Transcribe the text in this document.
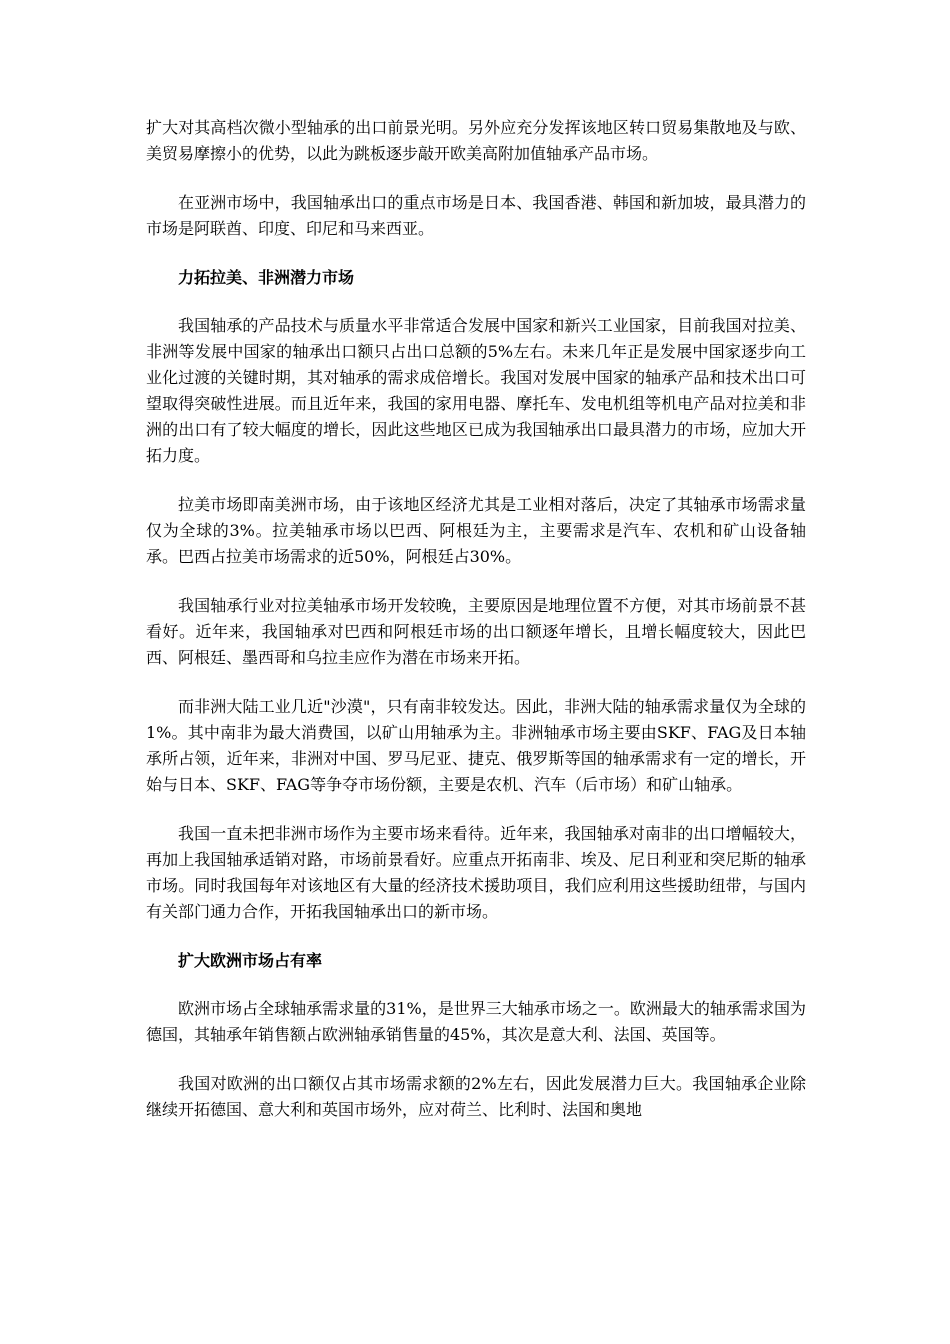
扩大对其高档次微小型轴承的出口前景光明。另外应充分发挥该地区转口贸易集散地及与欧、美贸易摩擦小的优势，以此为跳板逐步敲开欧美高附加值轴承产品市场。

在亚洲市场中，我国轴承出口的重点市场是日本、我国香港、韩国和新加坡，最具潜力的市场是阿联酋、印度、印尼和马来西亚。

力拓拉美、非洲潜力市场

我国轴承的产品技术与质量水平非常适合发展中国家和新兴工业国家，目前我国对拉美、非洲等发展中国家的轴承出口额只占出口总额的5%左右。未来几年正是发展中国家逐步向工业化过渡的关键时期，其对轴承的需求成倍增长。我国对发展中国家的轴承产品和技术出口可望取得突破性进展。而且近年来，我国的家用电器、摩托车、发电机组等机电产品对拉美和非洲的出口有了较大幅度的增长，因此这些地区已成为我国轴承出口最具潜力的市场，应加大开拓力度。

拉美市场即南美洲市场，由于该地区经济尤其是工业相对落后，决定了其轴承市场需求量仅为全球的3%。拉美轴承市场以巴西、阿根廷为主，主要需求是汽车、农机和矿山设备轴承。巴西占拉美市场需求的近50%，阿根廷占30%。

我国轴承行业对拉美轴承市场开发较晚，主要原因是地理位置不方便，对其市场前景不甚看好。近年来，我国轴承对巴西和阿根廷市场的出口额逐年增长，且增长幅度较大，因此巴西、阿根廷、墨西哥和乌拉圭应作为潜在市场来开拓。

而非洲大陆工业几近"沙漠"，只有南非较发达。因此，非洲大陆的轴承需求量仅为全球的1%。其中南非为最大消费国，以矿山用轴承为主。非洲轴承市场主要由SKF、FAG及日本轴承所占领，近年来，非洲对中国、罗马尼亚、捷克、俄罗斯等国的轴承需求有一定的增长，开始与日本、SKF、FAG等争夺市场份额，主要是农机、汽车（后市场）和矿山轴承。

我国一直未把非洲市场作为主要市场来看待。近年来，我国轴承对南非的出口增幅较大，再加上我国轴承适销对路，市场前景看好。应重点开拓南非、埃及、尼日利亚和突尼斯的轴承市场。同时我国每年对该地区有大量的经济技术援助项目，我们应利用这些援助纽带，与国内有关部门通力合作，开拓我国轴承出口的新市场。

扩大欧洲市场占有率

欧洲市场占全球轴承需求量的31%，是世界三大轴承市场之一。欧洲最大的轴承需求国为德国，其轴承年销售额占欧洲轴承销售量的45%，其次是意大利、法国、英国等。

我国对欧洲的出口额仅占其市场需求额的2%左右，因此发展潜力巨大。我国轴承企业除继续开拓德国、意大利和英国市场外，应对荷兰、比利时、法国和奥地
